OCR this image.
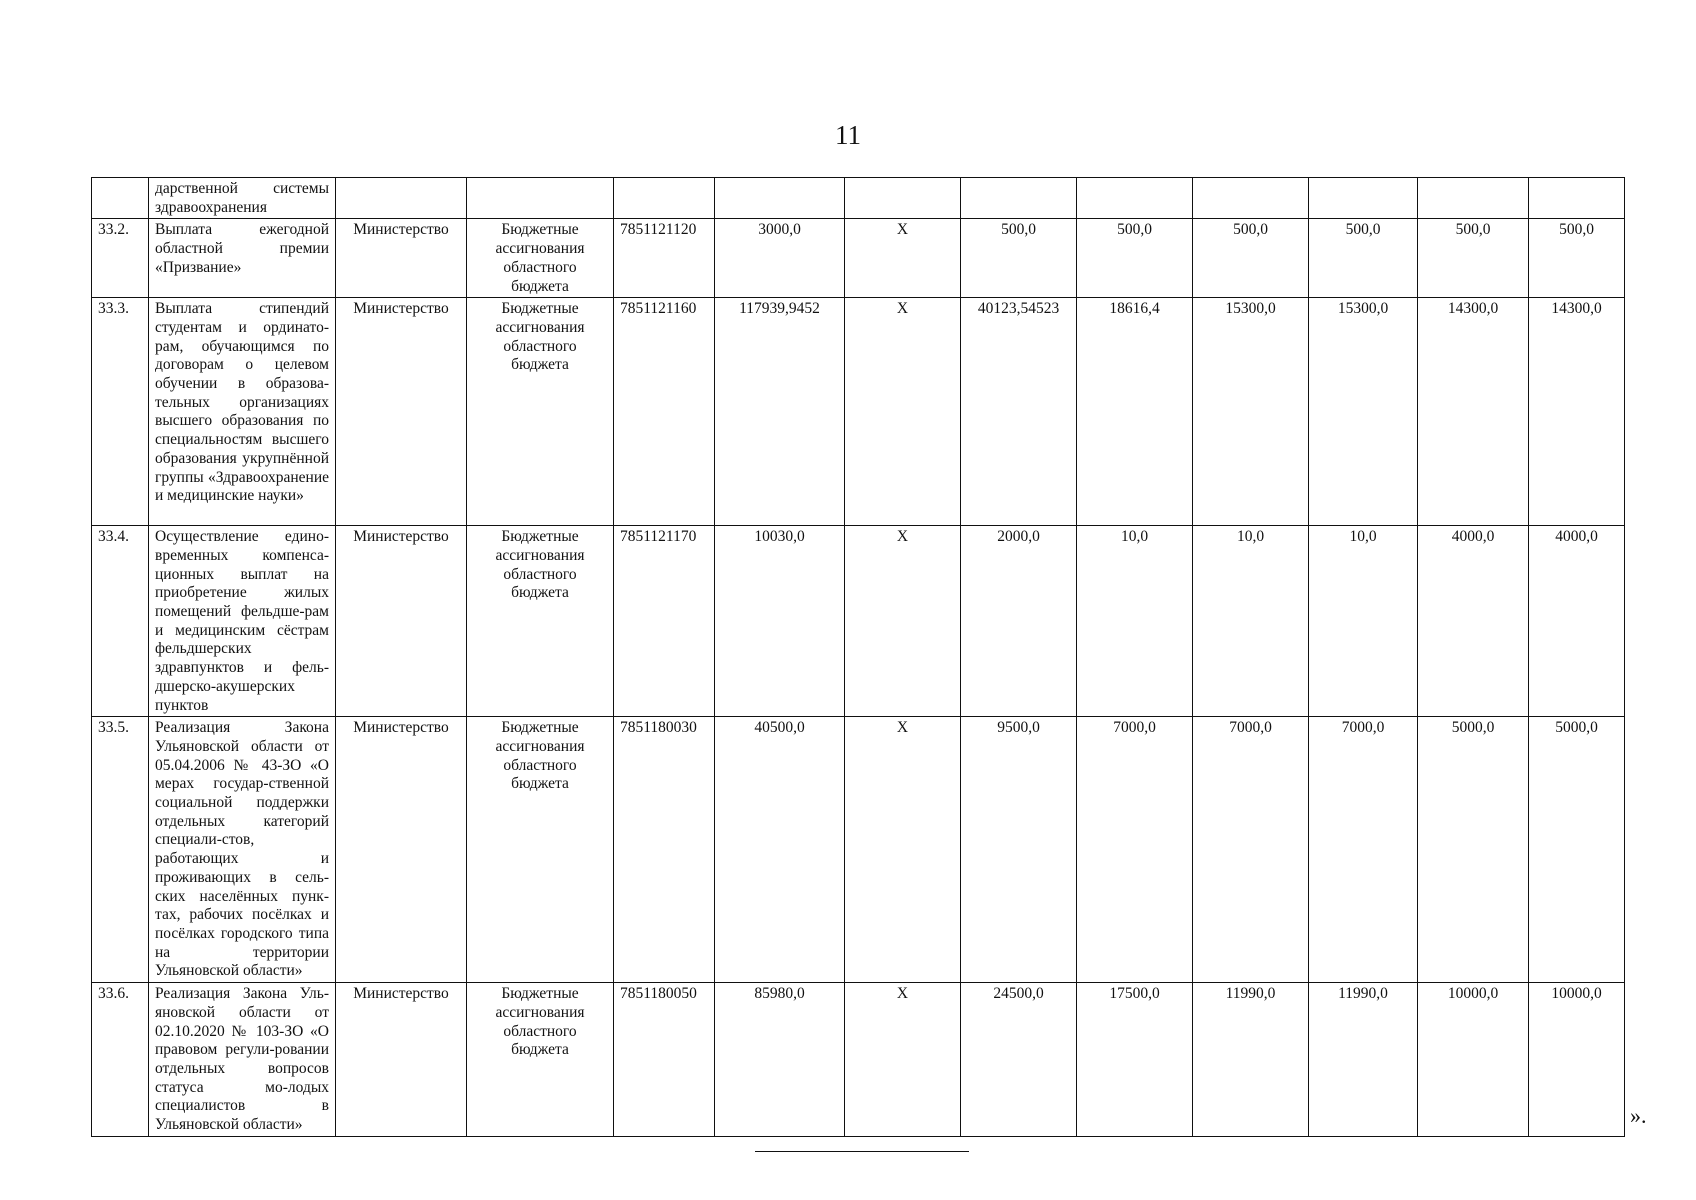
11
	дарственной системы здравоохранения											
33.2.	Выплата ежегодной областной премии «Призвание»	Министерство	Бюджетные ассигнования областного бюджета	7851121120	3000,0	X	500,0	500,0	500,0	500,0	500,0	500,0
33.3.	Выплата стипендий студентам и ординато-рам, обучающимся по договорам о целевом обучении в образова-тельных организациях высшего образования по специальностям высшего образования укрупнённой группы «Здравоохранение и медицинские науки»	Министерство	Бюджетные ассигнования областного бюджета	7851121160	117939,9452	X	40123,54523	18616,4	15300,0	15300,0	14300,0	14300,0
33.4.	Осуществление едино-временных компенса-ционных выплат на приобретение жилых помещений фельдше-рам и медицинским сёстрам фельдшерских здравпунктов и фель-дшерско-акушерских пунктов	Министерство	Бюджетные ассигнования областного бюджета	7851121170	10030,0	X	2000,0	10,0	10,0	10,0	4000,0	4000,0
33.5.	Реализация Закона Ульяновской области от 05.04.2006 № 43-ЗО «О мерах государ-ственной социальной поддержки отдельных категорий специали-стов, работающих и проживающих в сель-ских населённых пунк-тах, рабочих посёлках и посёлках городского типа на территории Ульяновской области»	Министерство	Бюджетные ассигнования областного бюджета	7851180030	40500,0	X	9500,0	7000,0	7000,0	7000,0	5000,0	5000,0
33.6.	Реализация Закона Уль-яновской области от 02.10.2020 № 103-ЗО «О правовом регули-ровании отдельных вопросов статуса мо-лодых специалистов в Ульяновской области»	Министерство	Бюджетные ассигнования областного бюджета	7851180050	85980,0	X	24500,0	17500,0	11990,0	11990,0	10000,0	10000,0
».
